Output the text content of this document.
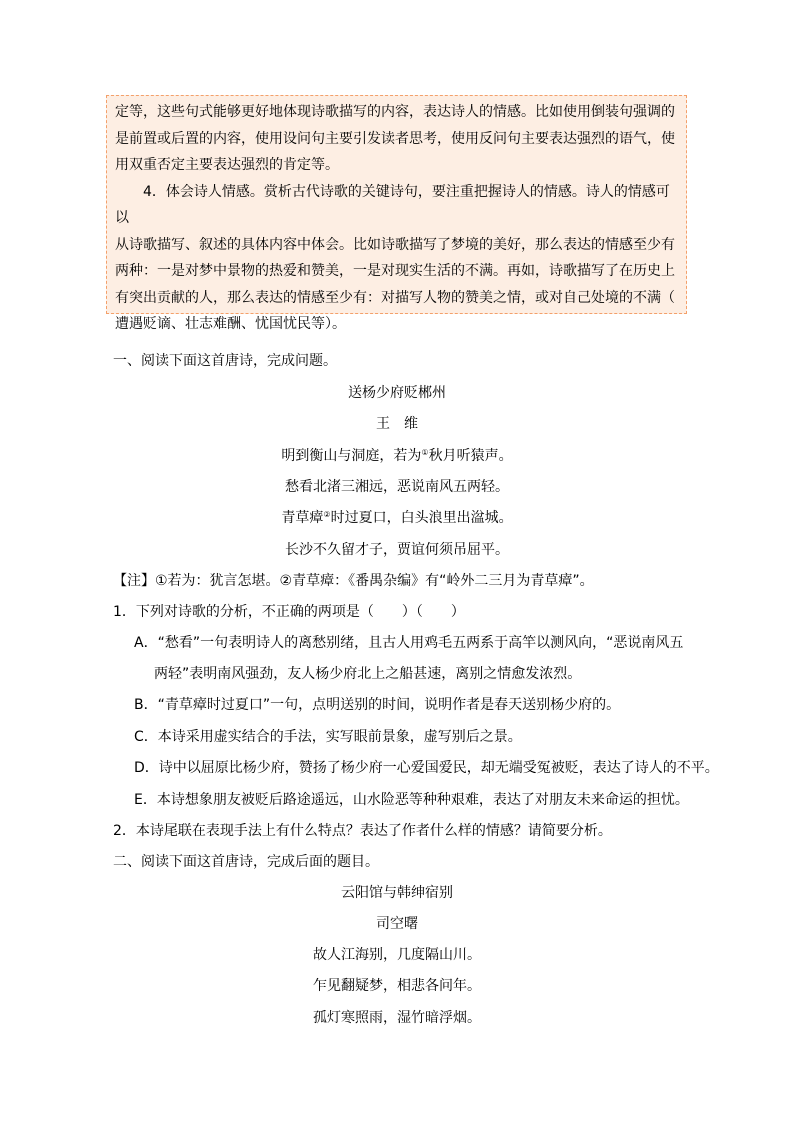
定等，这些句式能够更好地体现诗歌描写的内容，表达诗人的情感。比如使用倒装句强调的

是前置或后置的内容，使用设问句主要引发读者思考，使用反问句主要表达强烈的语气，使

用双重否定主要表达强烈的肯定等。

4．体会诗人情感。赏析古代诗歌的关键诗句，要注重把握诗人的情感。诗人的情感可以

从诗歌描写、叙述的具体内容中体会。比如诗歌描写了梦境的美好，那么表达的情感至少有

两种：一是对梦中景物的热爱和赞美，一是对现实生活的不满。再如，诗歌描写了在历史上

有突出贡献的人，那么表达的情感至少有：对描写人物的赞美之情，或对自己处境的不满（

遭遇贬谪、壮志难酬、忧国忧民等）。

一、阅读下面这首唐诗，完成问题。
送杨少府贬郴州
王　维
明到衡山与洞庭，若为①秋月听猿声。
愁看北渚三湘远，恶说南风五两轻。
青草瘴②时过夏口，白头浪里出湓城。
长沙不久留才子，贾谊何须吊屈平。
【注】①若为：犹言怎堪。②青草瘴：《番禺杂编》有“岭外二三月为青草瘴”。
1．下列对诗歌的分析，不正确的两项是（　　）（　　）
A．“愁看”一句表明诗人的离愁别绪，且古人用鸡毛五两系于高竿以测风向，“恶说南风五
两轻”表明南风强劲，友人杨少府北上之船甚速，离别之情愈发浓烈。
B．“青草瘴时过夏口”一句，点明送别的时间，说明作者是春天送别杨少府的。
C．本诗采用虚实结合的手法，实写眼前景象，虚写别后之景。
D．诗中以屈原比杨少府，赞扬了杨少府一心爱国爱民，却无端受冤被贬，表达了诗人的不平。
E．本诗想象朋友被贬后路途遥远，山水险恶等种种艰难，表达了对朋友未来命运的担忧。
2．本诗尾联在表现手法上有什么特点？表达了作者什么样的情感？请简要分析。
二、阅读下面这首唐诗，完成后面的题目。
云阳馆与韩绅宿别
司空曙
故人江海别，几度隔山川。
乍见翻疑梦，相悲各问年。
孤灯寒照雨，湿竹暗浮烟。
